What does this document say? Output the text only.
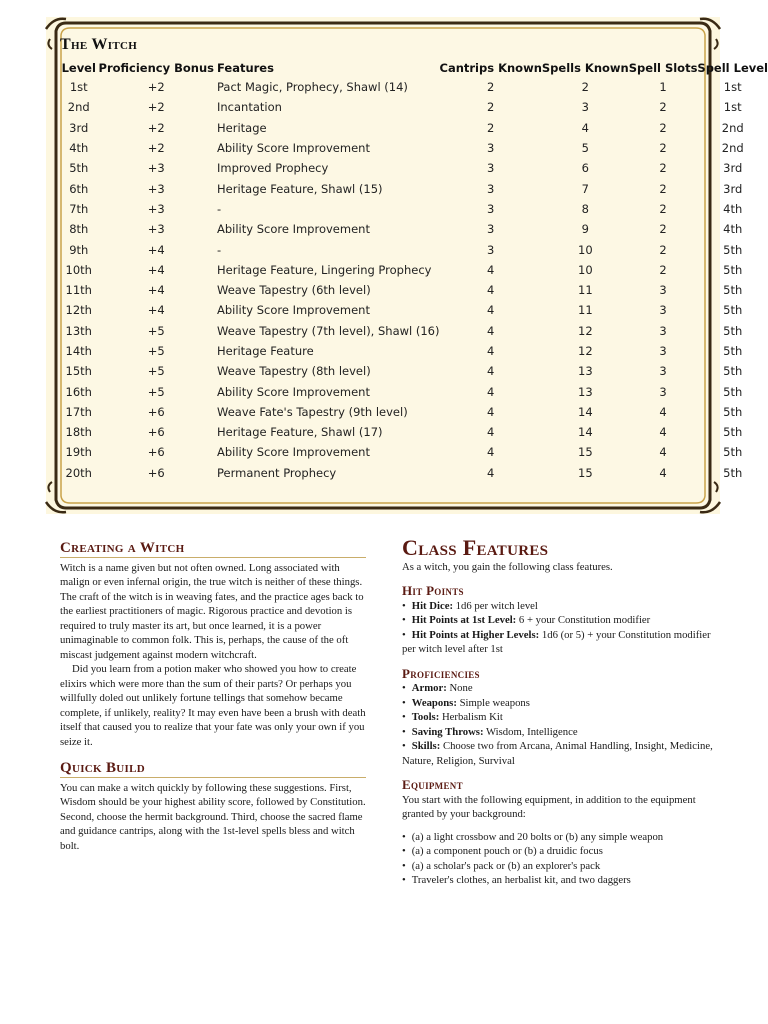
The Witch
Level	Proficiency Bonus	Features	Cantrips Known	Spells Known	Spell Slots	Spell Level
1st	+2	Pact Magic, Prophecy, Shawl (14)	2	2	1	1st
2nd	+2	Incantation	2	3	2	1st
3rd	+2	Heritage	2	4	2	2nd
4th	+2	Ability Score Improvement	3	5	2	2nd
5th	+3	Improved Prophecy	3	6	2	3rd
6th	+3	Heritage Feature, Shawl (15)	3	7	2	3rd
7th	+3	-	3	8	2	4th
8th	+3	Ability Score Improvement	3	9	2	4th
9th	+4	-	3	10	2	5th
10th	+4	Heritage Feature, Lingering Prophecy	4	10	2	5th
11th	+4	Weave Tapestry (6th level)	4	11	3	5th
12th	+4	Ability Score Improvement	4	11	3	5th
13th	+5	Weave Tapestry (7th level), Shawl (16)	4	12	3	5th
14th	+5	Heritage Feature	4	12	3	5th
15th	+5	Weave Tapestry (8th level)	4	13	3	5th
16th	+5	Ability Score Improvement	4	13	3	5th
17th	+6	Weave Fate's Tapestry (9th level)	4	14	4	5th
18th	+6	Heritage Feature, Shawl (17)	4	14	4	5th
19th	+6	Ability Score Improvement	4	15	4	5th
20th	+6	Permanent Prophecy	4	15	4	5th
Creating a Witch

Witch is a name given but not often owned. Long associated with malign or even infernal origin, the true witch is neither of these things. The craft of the witch is in weaving fates, and the practice ages back to the earliest practitioners of magic. Rigorous practice and devotion is required to truly master its art, but once learned, it is a power unimaginable to common folk. This is, perhaps, the cause of the oft miscast judgement against modern witchcraft.

Did you learn from a potion maker who showed you how to create elixirs which were more than the sum of their parts? Or perhaps you willfully doled out unlikely fortune tellings that somehow became complete, if unlikely, reality? It may even have been a brush with death itself that caused you to realize that your fate was only your own if you seize it.

Quick Build

You can make a witch quickly by following these suggestions. First, Wisdom should be your highest ability score, followed by Constitution. Second, choose the hermit background. Third, choose the sacred flame and guidance cantrips, along with the 1st-level spells bless and witch bolt.

Class Features

As a witch, you gain the following class features.

Hit Points
• Hit Dice: 1d6 per witch level
• Hit Points at 1st Level: 6 + your Constitution modifier
• Hit Points at Higher Levels: 1d6 (or 5) + your Constitution modifier per witch level after 1st
Proficiencies
• Armor: None
• Weapons: Simple weapons
• Tools: Herbalism Kit
• Saving Throws: Wisdom, Intelligence
• Skills: Choose two from Arcana, Animal Handling, Insight, Medicine, Nature, Religion, Survival
Equipment

You start with the following equipment, in addition to the equipment granted by your background:

• (a) a light crossbow and 20 bolts or (b) any simple weapon
• (a) a component pouch or (b) a druidic focus
• (a) a scholar's pack or (b) an explorer's pack
• Traveler's clothes, an herbalist kit, and two daggers
